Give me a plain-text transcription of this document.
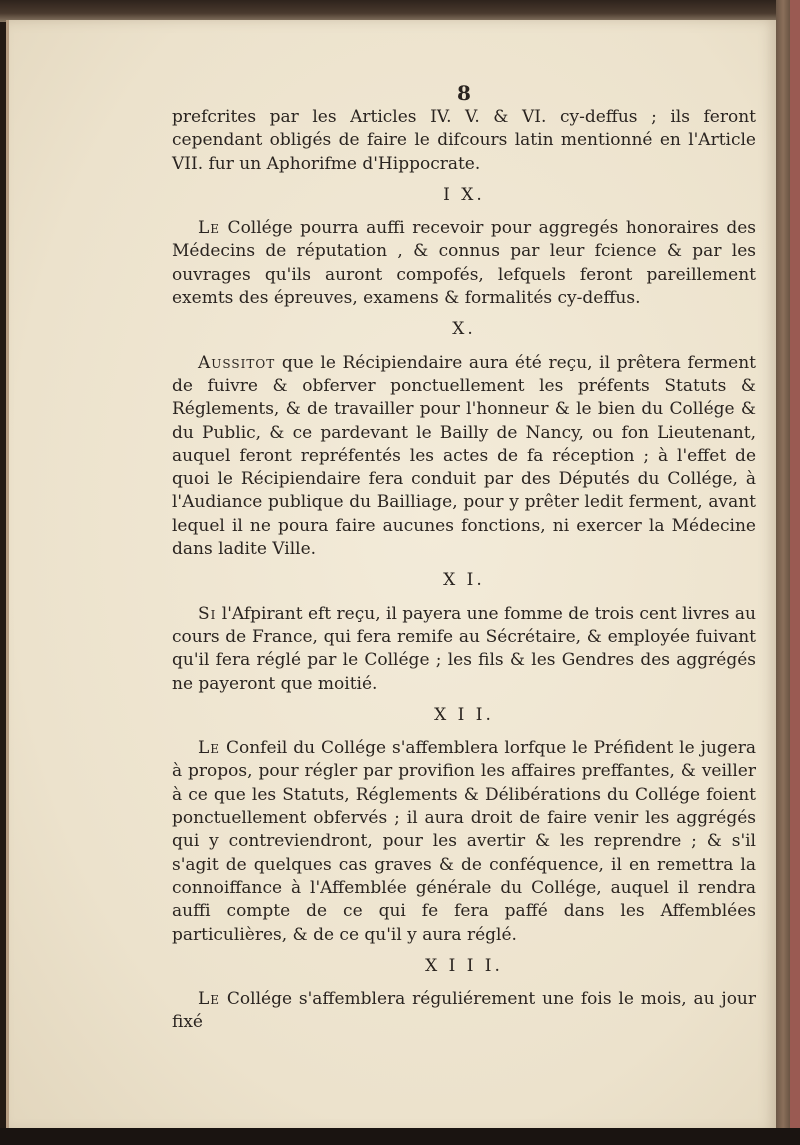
8

prefcrites par les Articles IV. V. & VI. cy-deffus ; ils feront cependant obligés de faire le difcours latin mentionné en l'Article VII. fur un Aphorifme d'Hippocrate.

I X.

Le Collége pourra auffi recevoir pour aggregés honoraires des Médecins de réputation , & connus par leur fcience & par les ouvrages qu'ils auront compofés, lefquels feront pareillement exemts des épreuves, examens & formalités cy-deffus.

X.

Aussitot que le Récipiendaire aura été reçu, il prêtera ferment de fuivre & obferver ponctuellement les préfents Statuts & Réglements, & de travailler pour l'honneur & le bien du Collége & du Public, & ce pardevant le Bailly de Nancy, ou fon Lieutenant, auquel feront repréfentés les actes de fa réception ; à l'effet de quoi le Récipiendaire fera conduit par des Députés du Collége, à l'Audiance publique du Bailliage, pour y prêter ledit ferment, avant lequel il ne poura faire aucunes fonctions, ni exercer la Médecine dans ladite Ville.

X I.

Si l'Afpirant eft reçu, il payera une fomme de trois cent livres au cours de France, qui fera remife au Sécrétaire, & employée fuivant qu'il fera réglé par le Collége ; les fils & les Gendres des aggrégés ne payeront que moitié.

X I I.

Le Confeil du Collége s'affemblera lorfque le Préfident le jugera à propos, pour régler par provifion les affaires preffantes, & veiller à ce que les Statuts, Réglements & Délibérations du Collége foient ponctuellement obfervés ; il aura droit de faire venir les aggrégés qui y contreviendront, pour les avertir & les reprendre ; & s'il s'agit de quelques cas graves & de conféquence, il en remettra la connoiffance à l'Affemblée générale du Collége, auquel il rendra auffi compte de ce qui fe fera paffé dans les Affemblées particulières, & de ce qu'il y aura réglé.

X I I I.

Le Collége s'affemblera réguliérement une fois le mois, au jour fixé
